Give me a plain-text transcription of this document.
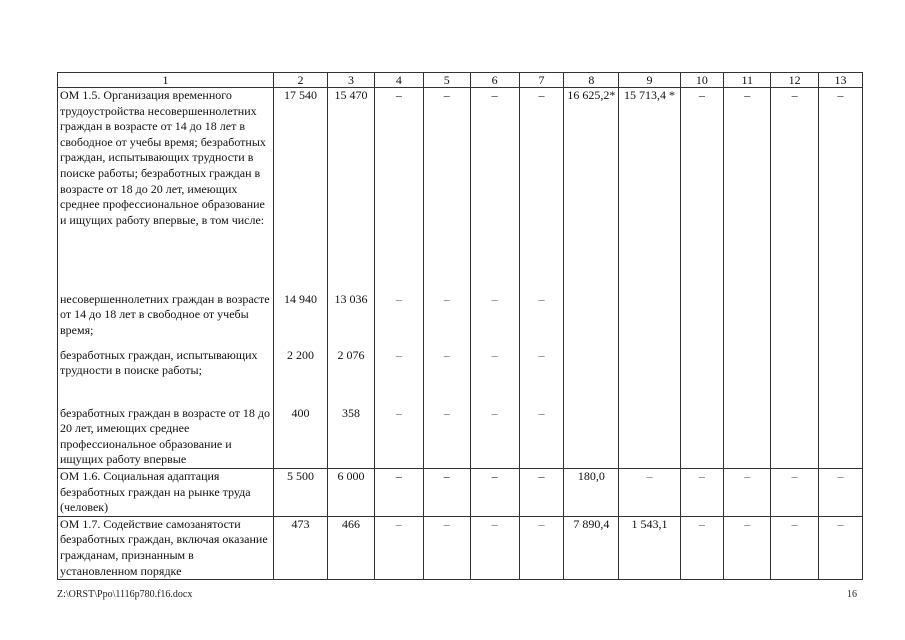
1	2	3	4	5	6	7	8	9	10	11	12	13
ОМ 1.5. Организация временного трудоустройства несовершеннолетних граждан в возрасте от 14 до 18 лет в свободное от учебы время; безработных граждан, испытывающих трудности в поиске работы; безработных граждан в возрасте от 18 до 20 лет, имеющих среднее профессиональное образование и ищущих работу впервые, в том числе:	17 540	15 470	–	–	–	–	16 625,2*	15 713,4 *	–	–	–	–
несовершеннолетних граждан в возрасте от 14 до 18 лет в свободное от учебы время;	14 940	13 036	–	–	–	–						
безработных граждан, испытывающих трудности в поиске работы;	2 200	2 076	–	–	–	–						
безработных граждан в возрасте от 18 до 20 лет, имеющих среднее профессиональное образование и ищущих работу впервые	400	358	–	–	–	–						
ОМ 1.6. Социальная адаптация безработных граждан на рынке труда (человек)	5 500	6 000	–	–	–	–	180,0	–	–	–	–	–
ОМ 1.7. Содействие самозанятости безработных граждан, включая оказание гражданам, признанным в установленном порядке	473	466	–	–	–	–	7 890,4	1 543,1	–	–	–	–
Z:\ORST\Ppo\1116p780.f16.docx	16
